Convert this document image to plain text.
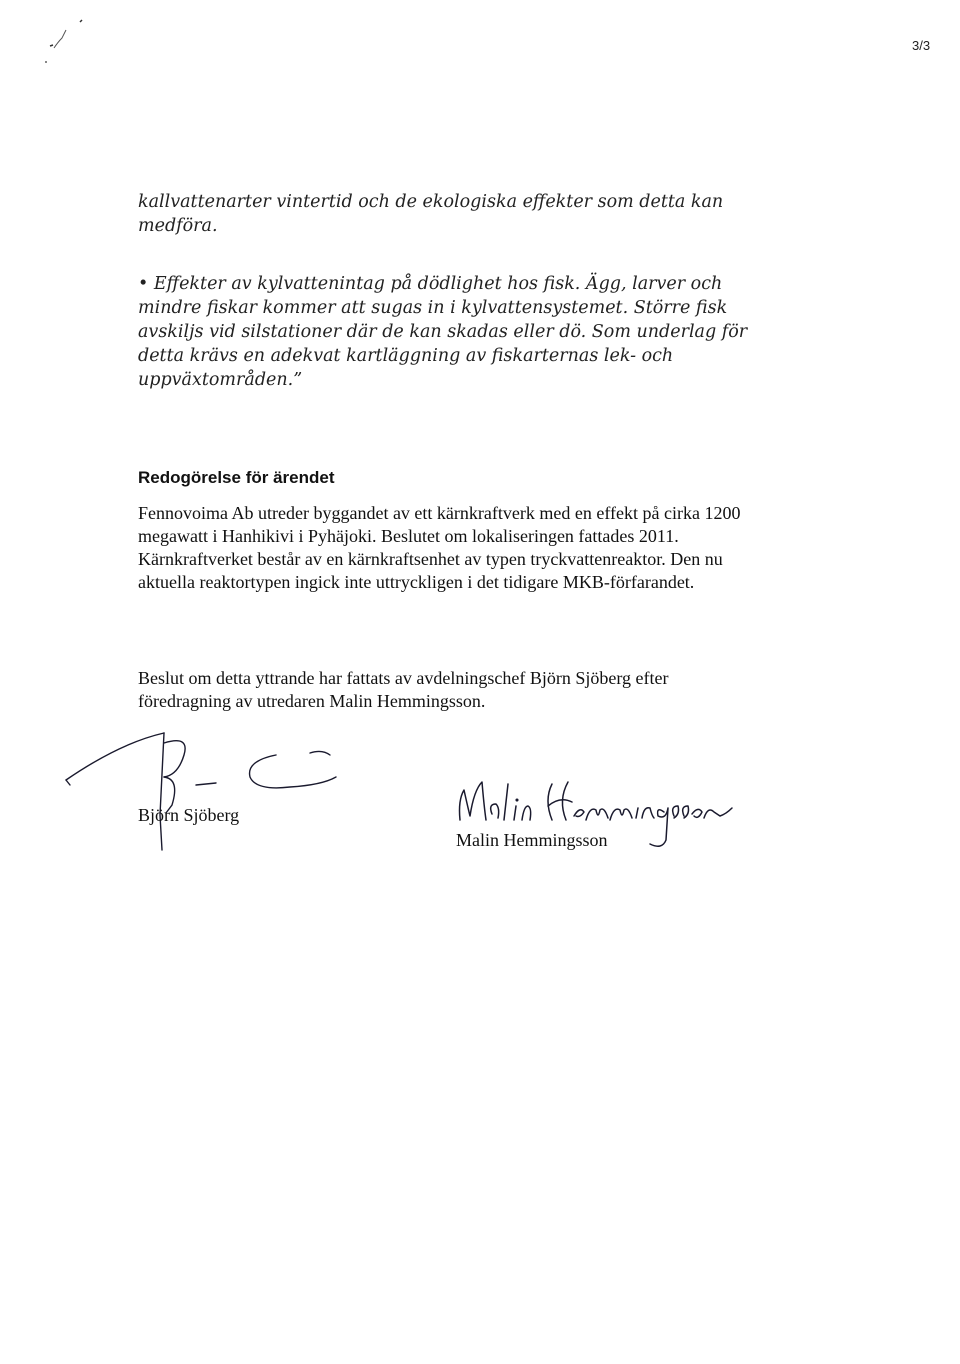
3/3

kallvattenarter vintertid och de ekologiska effekter som detta kan medföra.

• Effekter av kylvattenintag på dödlighet hos fisk. Ägg, larver och mindre fiskar kommer att sugas in i kylvattensystemet. Större fisk avskiljs vid silstationer där de kan skadas eller dö. Som underlag för detta krävs en adekvat kartläggning av fiskarternas lek- och uppväxtområden.”

Redogörelse för ärendet

Fennovoima Ab utreder byggandet av ett kärnkraftverk med en effekt på cirka 1200 megawatt i Hanhikivi i Pyhäjoki. Beslutet om lokaliseringen fattades 2011. Kärnkraftverket består av en kärnkraftsenhet av typen tryckvattenreaktor. Den nu aktuella reaktortypen ingick inte uttryckligen i det tidigare MKB-förfarandet.

Beslut om detta yttrande har fattats av avdelningschef Björn Sjöberg efter föredragning av utredaren Malin Hemmingsson.

Björn Sjöberg
Malin Hemmingsson
